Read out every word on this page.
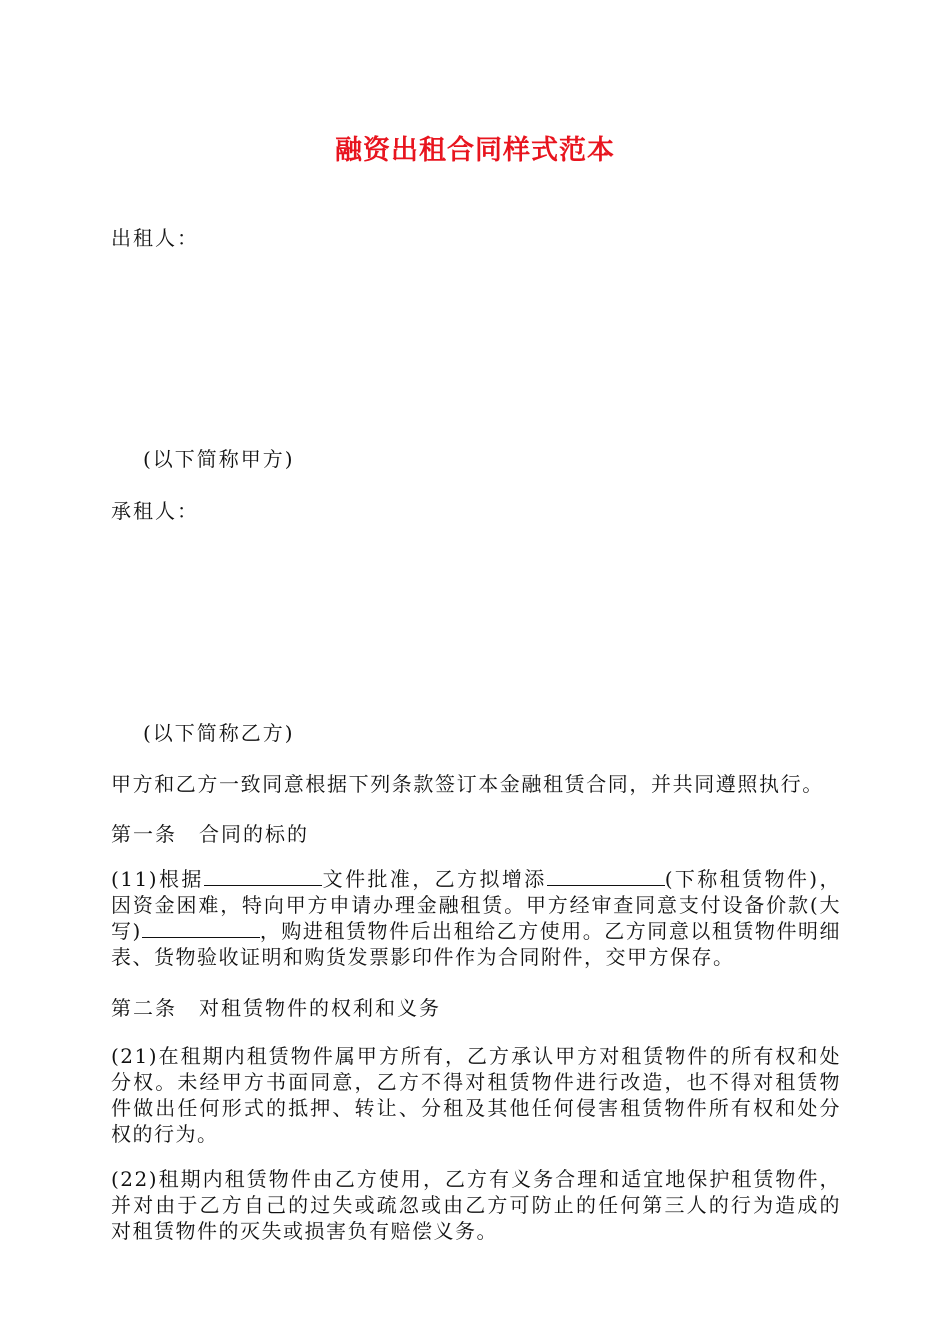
融资出租合同样式范本
出租人：
(以下简称甲方)
承租人：
(以下简称乙方)
甲方和乙方一致同意根据下列条款签订本金融租赁合同，并共同遵照执行。
第一条　合同的标的
(11)根据	文件批准，乙方拟增添	(下称租赁物件)，因资金困难，特向甲方申请办理金融租赁。甲方经审查同意支付设备价款(大写)	，购进租赁物件后出租给乙方使用。乙方同意以租赁物件明细表、货物验收证明和购货发票影印件作为合同附件，交甲方保存。
第二条　对租赁物件的权利和义务
(21)在租期内租赁物件属甲方所有，乙方承认甲方对租赁物件的所有权和处分权。未经甲方书面同意，乙方不得对租赁物件进行改造，也不得对租赁物件做出任何形式的抵押、转让、分租及其他任何侵害租赁物件所有权和处分权的行为。
(22)租期内租赁物件由乙方使用，乙方有义务合理和适宜地保护租赁物件，并对由于乙方自己的过失或疏忽或由乙方可防止的任何第三人的行为造成的对租赁物件的灭失或损害负有赔偿义务。
